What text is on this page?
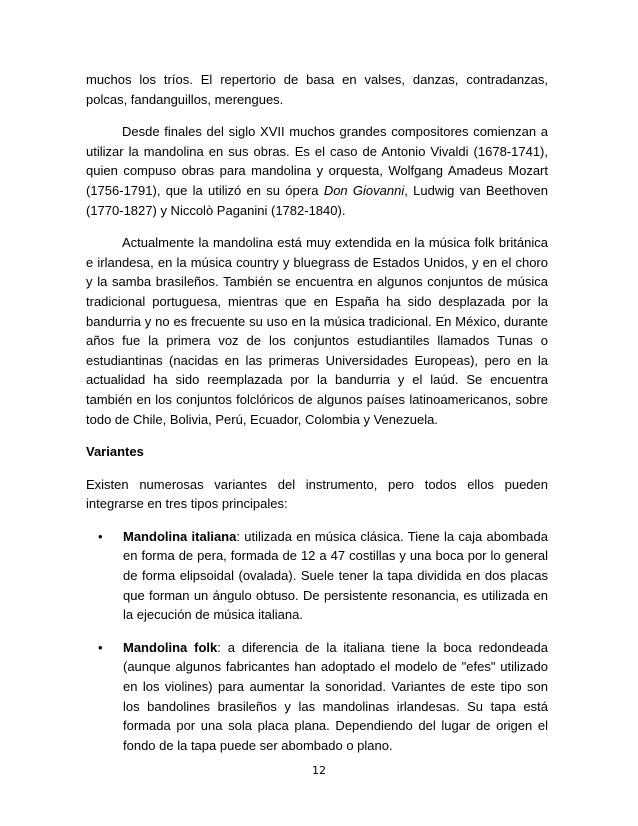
muchos los tríos. El repertorio de basa en valses, danzas, contradanzas, polcas, fandanguillos, merengues.

Desde finales del siglo XVII muchos grandes compositores comienzan a utilizar la mandolina en sus obras. Es el caso de Antonio Vivaldi (1678-1741), quien compuso obras para mandolina y orquesta, Wolfgang Amadeus Mozart (1756-1791), que la utilizó en su ópera Don Giovanni, Ludwig van Beethoven (1770-1827) y Niccolò Paganini (1782-1840).

Actualmente la mandolina está muy extendida en la música folk británica e irlandesa, en la música country y bluegrass de Estados Unidos, y en el choro y la samba brasileños. También se encuentra en algunos conjuntos de música tradicional portuguesa, mientras que en España ha sido desplazada por la bandurria y no es frecuente su uso en la música tradicional. En México, durante años fue la primera voz de los conjuntos estudiantiles llamados Tunas o estudiantinas (nacidas en las primeras Universidades Europeas), pero en la actualidad ha sido reemplazada por la bandurria y el laúd. Se encuentra también en los conjuntos folclóricos de algunos países latinoamericanos, sobre todo de Chile, Bolivia, Perú, Ecuador, Colombia y Venezuela.

Variantes

Existen numerosas variantes del instrumento, pero todos ellos pueden integrarse en tres tipos principales:

• Mandolina italiana: utilizada en música clásica. Tiene la caja abombada en forma de pera, formada de 12 a 47 costillas y una boca por lo general de forma elipsoidal (ovalada). Suele tener la tapa dividida en dos placas que forman un ángulo obtuso. De persistente resonancia, es utilizada en la ejecución de música italiana.
• Mandolina folk: a diferencia de la italiana tiene la boca redondeada (aunque algunos fabricantes han adoptado el modelo de "efes" utilizado en los violines) para aumentar la sonoridad. Variantes de este tipo son los bandolines brasileños y las mandolinas irlandesas. Su tapa está formada por una sola placa plana. Dependiendo del lugar de origen el fondo de la tapa puede ser abombado o plano.
12
